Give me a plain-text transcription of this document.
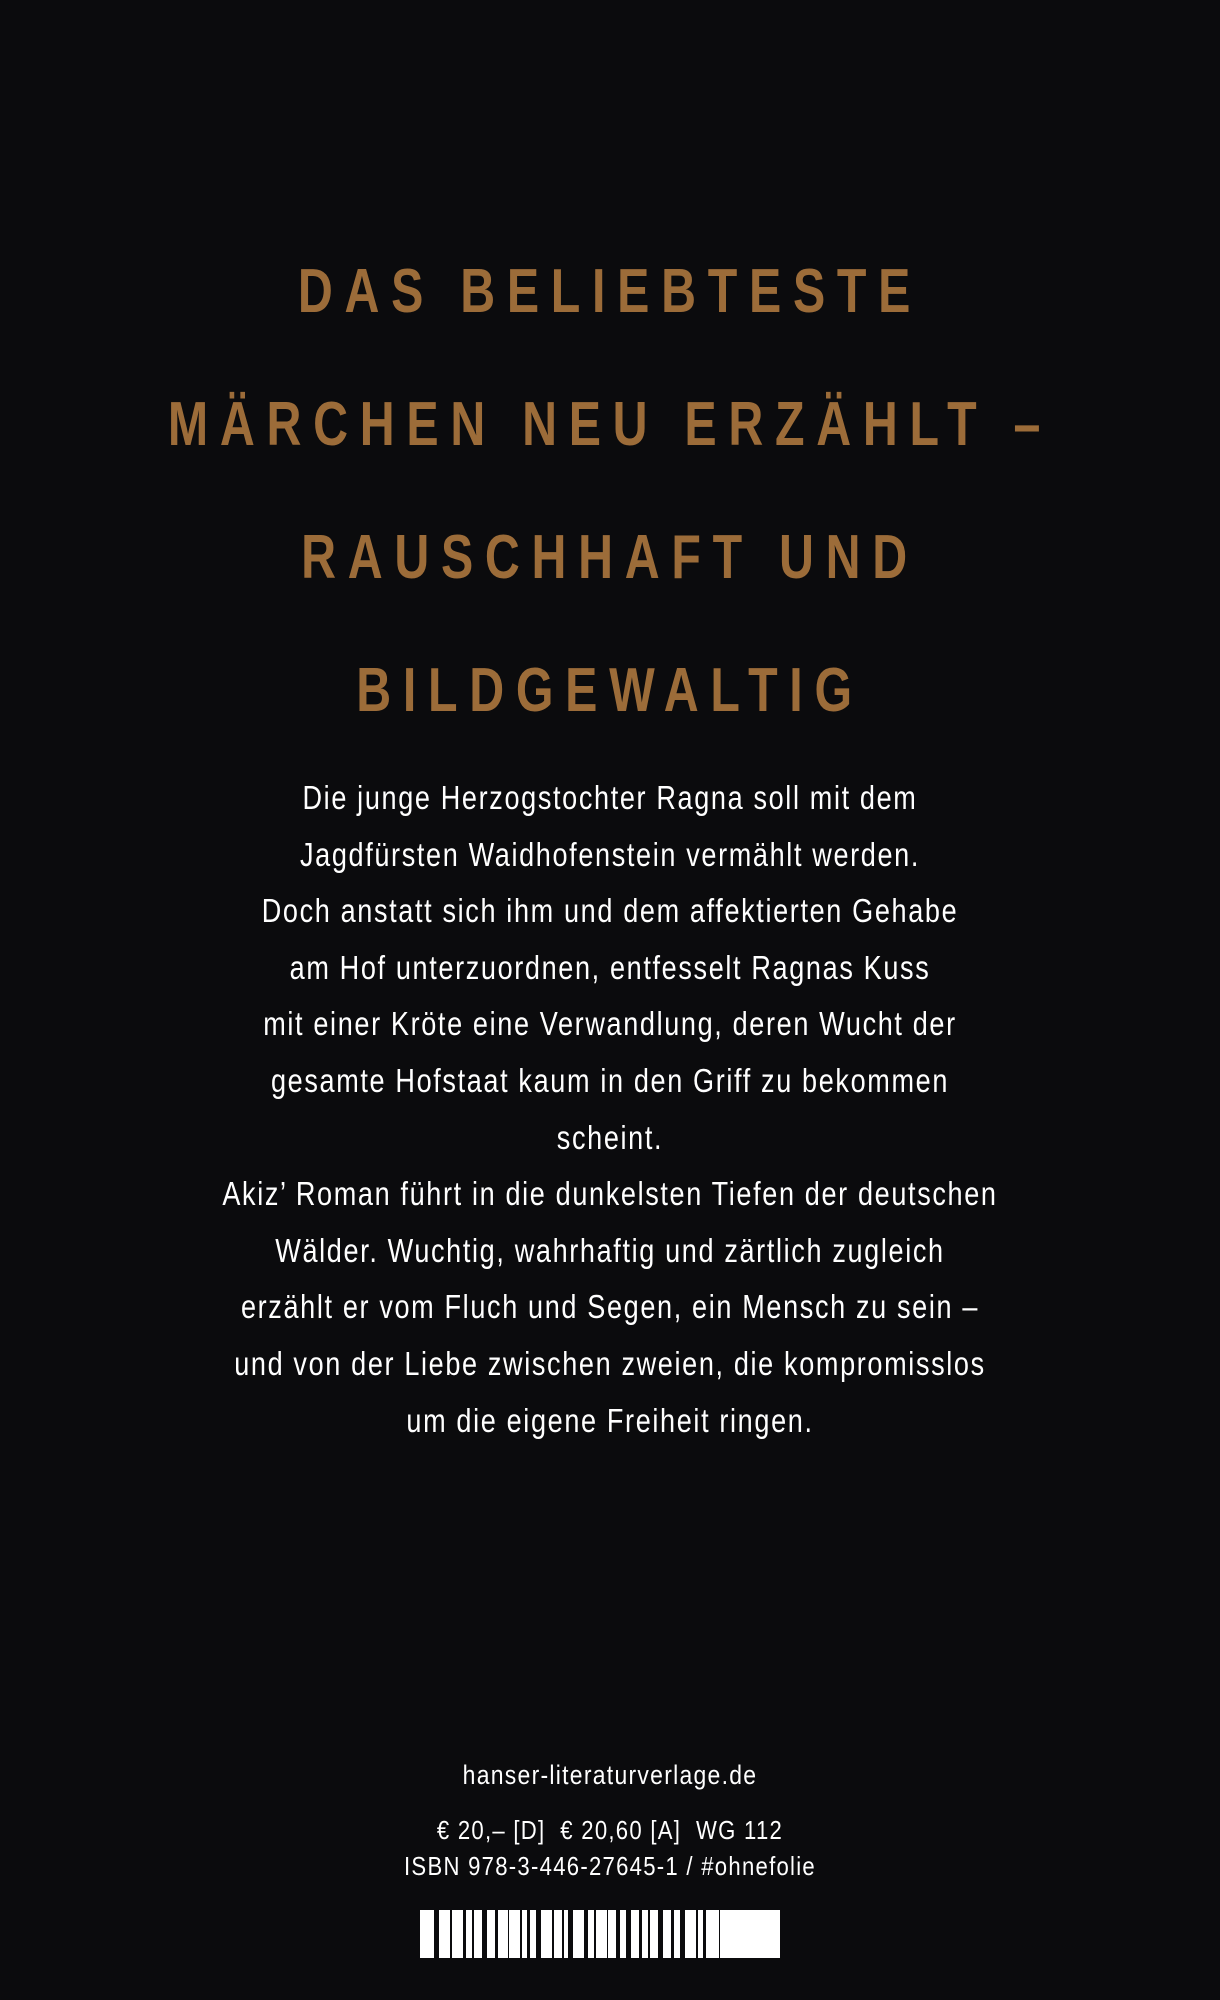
DAS BELIEBTESTE
MÄRCHEN NEU ERZÄHLT –
RAUSCHHAFT UND
BILDGEWALTIG
Die junge Herzogstochter Ragna soll mit dem
Jagdfürsten Waidhofenstein vermählt werden.
Doch anstatt sich ihm und dem affektierten Gehabe
am Hof unterzuordnen, entfesselt Ragnas Kuss
mit einer Kröte eine Verwandlung, deren Wucht der
gesamte Hofstaat kaum in den Griff zu bekommen
scheint.
Akiz’ Roman führt in die dunkelsten Tiefen der deutschen
Wälder. Wuchtig, wahrhaftig und zärtlich zugleich
erzählt er vom Fluch und Segen, ein Mensch zu sein –
und von der Liebe zwischen zweien, die kompromisslos
um die eigene Freiheit ringen.
hanser-literaturverlage.de
€ 20,– [D]  € 20,60 [A]  WG 112
ISBN 978-3-446-27645-1 / #ohnefolie
